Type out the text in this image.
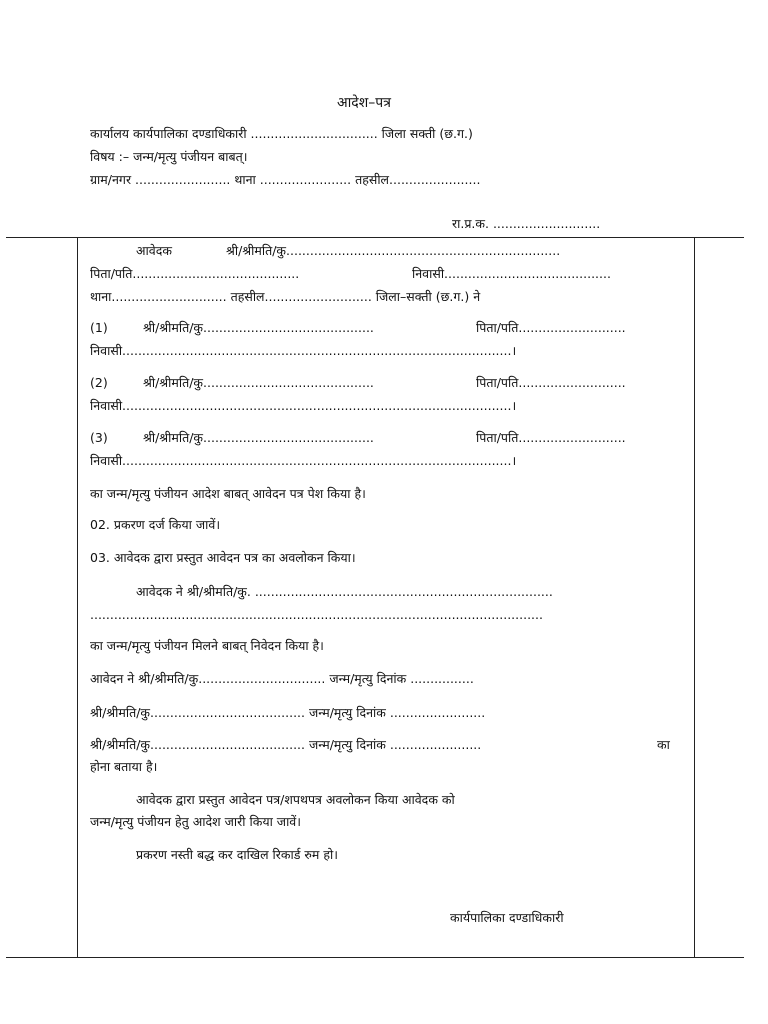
आदेश–पत्र
कार्यालय कार्यपालिका दण्डाधिकारी ................................ जिला सक्ती (छ.ग.)
विषय :– जन्म/मृत्यु पंजीयन बाबत्।
ग्राम/नगर ........................ थाना ....................... तहसील.......................
रा.प्र.क. ...........................
आवेदक	श्री/श्रीमति/कु.....................................................................
पिता/पति..........................................	निवासी..........................................
थाना............................. तहसील........................... जिला–सक्ती (छ.ग.) ने
(1)	श्री/श्रीमति/कु...........................................	पिता/पति...........................
निवासी..................................................................................................।
(2)	श्री/श्रीमति/कु...........................................	पिता/पति...........................
निवासी..................................................................................................।
(3)	श्री/श्रीमति/कु...........................................	पिता/पति...........................
निवासी..................................................................................................।
का जन्म/मृत्यु पंजीयन आदेश बाबत् आवेदन पत्र पेश किया है।
02. प्रकरण दर्ज किया जावें।
03. आवेदक द्वारा प्रस्तुत आवेदन पत्र का अवलोकन किया।
आवेदक ने श्री/श्रीमति/कु. ...........................................................................
..................................................................................................................
का जन्म/मृत्यु पंजीयन मिलने बाबत् निवेदन किया है।
आवेदन ने श्री/श्रीमति/कु................................ जन्म/मृत्यु दिनांक ................
श्री/श्रीमति/कु....................................... जन्म/मृत्यु दिनांक ........................
श्री/श्रीमति/कु....................................... जन्म/मृत्यु दिनांक .......................	का
होना बताया है।
आवेदक द्वारा प्रस्तुत आवेदन पत्र/शपथपत्र अवलोकन किया आवेदक को
जन्म/मृत्यु पंजीयन हेतु आदेश जारी किया जावें।
प्रकरण नस्ती बद्ध कर दाखिल रिकार्ड रुम हो।
कार्यपालिका दण्डाधिकारी
